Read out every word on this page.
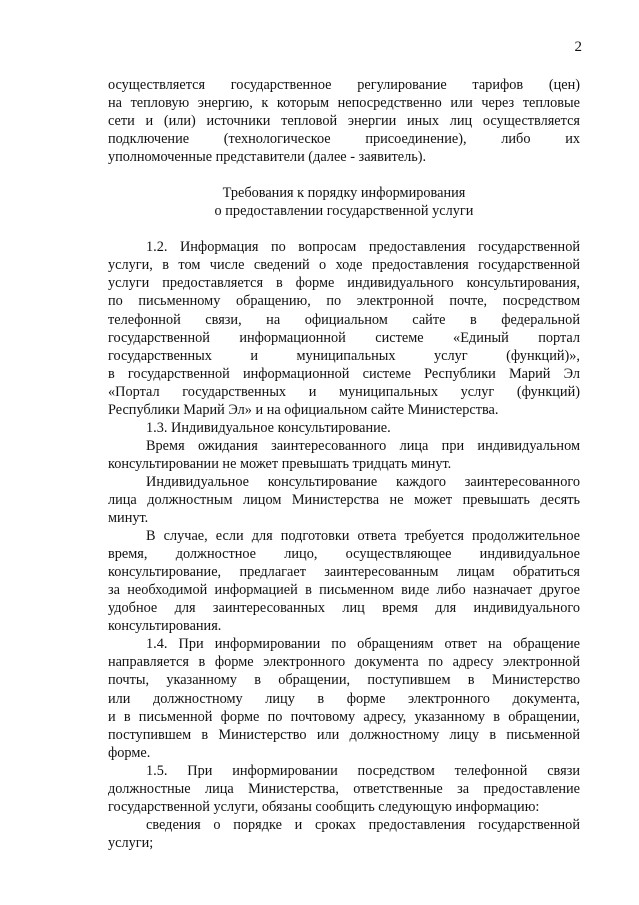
2
осуществляется государственное регулирование тарифов (цен)
на тепловую энергию, к которым непосредственно или через тепловые
сети и (или) источники тепловой энергии иных лиц осуществляется
подключение (технологическое присоединение), либо их
уполномоченные представители (далее - заявитель).
Требования к порядку информирования
о предоставлении государственной услуги
1.2. Информация по вопросам предоставления государственной
услуги, в том числе сведений о ходе предоставления государственной
услуги предоставляется в форме индивидуального консультирования,
по письменному обращению, по электронной почте, посредством
телефонной связи, на официальном сайте в федеральной
государственной информационной системе «Единый портал
государственных и муниципальных услуг (функций)»,
в государственной информационной системе Республики Марий Эл
«Портал государственных и муниципальных услуг (функций)
Республики Марий Эл» и на официальном сайте Министерства.
1.3. Индивидуальное консультирование.
Время ожидания заинтересованного лица при индивидуальном
консультировании не может превышать тридцать минут.
Индивидуальное консультирование каждого заинтересованного
лица должностным лицом Министерства не может превышать десять
минут.
В случае, если для подготовки ответа требуется продолжительное
время, должностное лицо, осуществляющее индивидуальное
консультирование, предлагает заинтересованным лицам обратиться
за необходимой информацией в письменном виде либо назначает другое
удобное для заинтересованных лиц время для индивидуального
консультирования.
1.4. При информировании по обращениям ответ на обращение
направляется в форме электронного документа по адресу электронной
почты, указанному в обращении, поступившем в Министерство
или должностному лицу в форме электронного документа,
и в письменной форме по почтовому адресу, указанному в обращении,
поступившем в Министерство или должностному лицу в письменной
форме.
1.5. При информировании посредством телефонной связи
должностные лица Министерства, ответственные за предоставление
государственной услуги, обязаны сообщить следующую информацию:
сведения о порядке и сроках предоставления государственной
услуги;
